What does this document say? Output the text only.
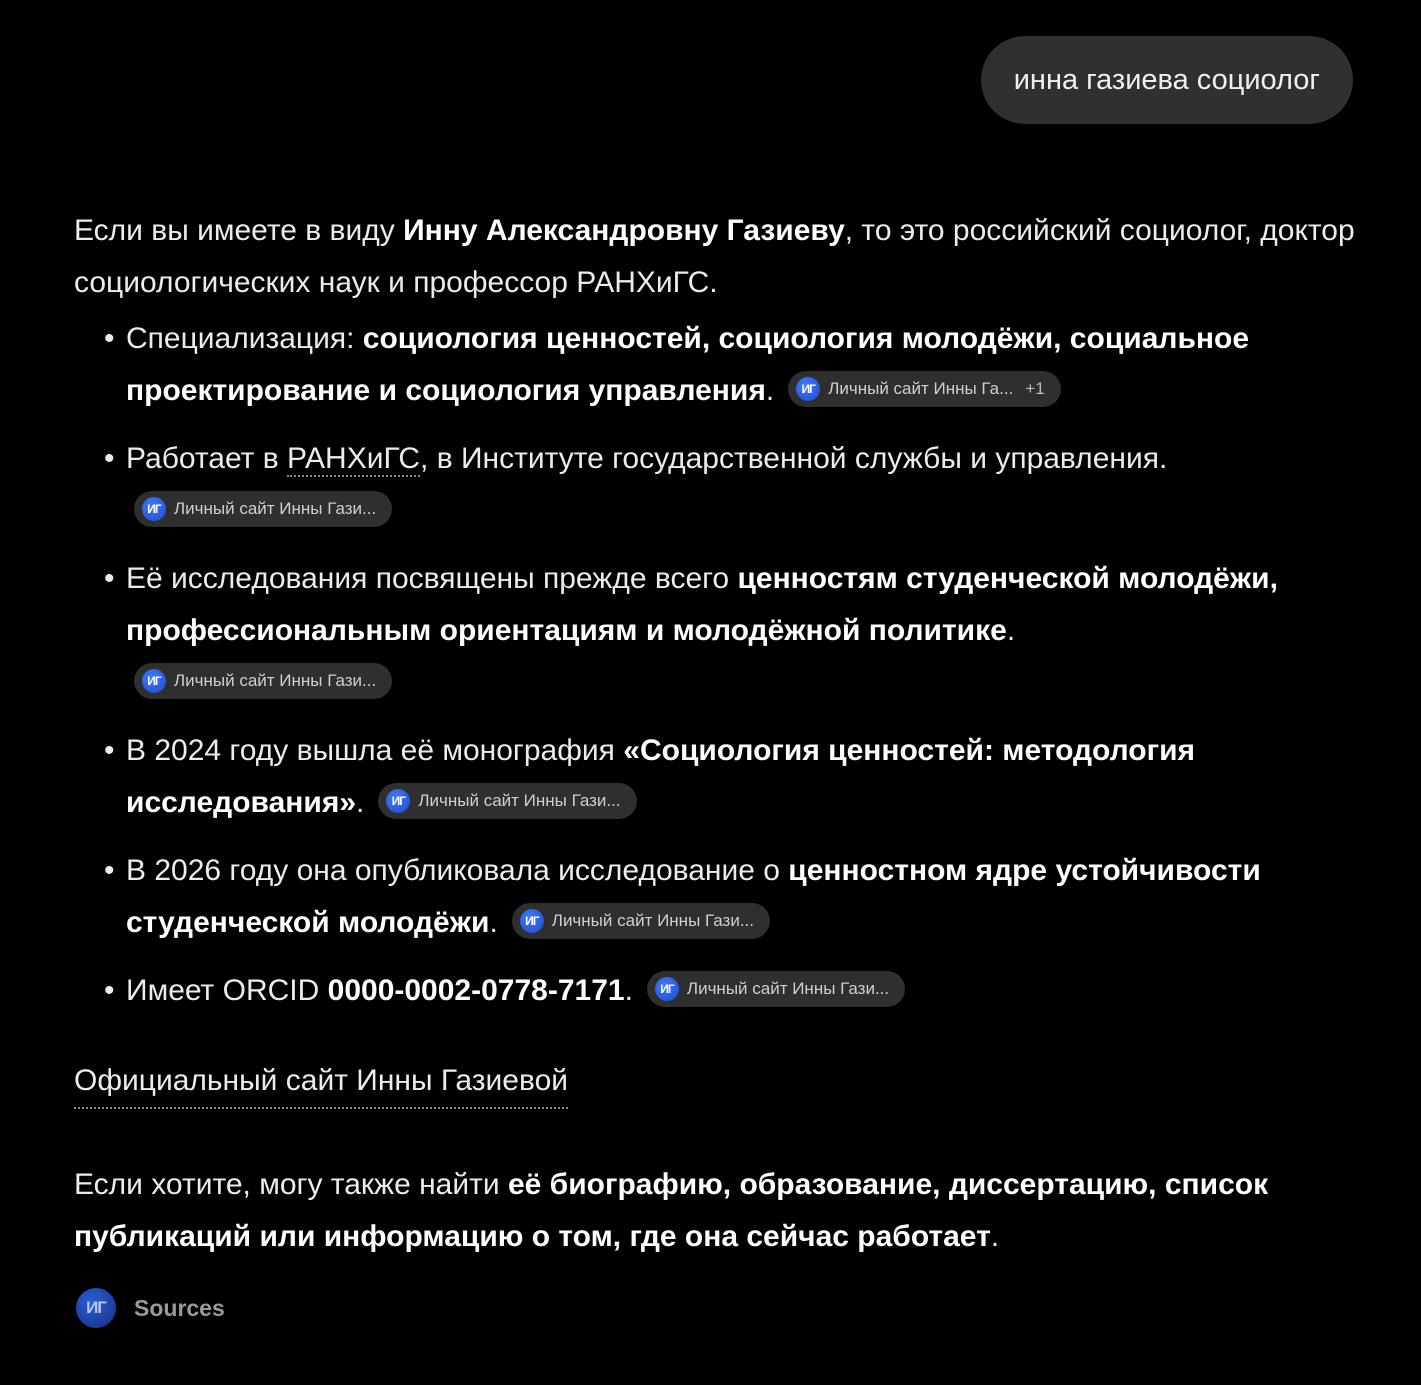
инна газиева социолог

Если вы имеете в виду Инну Александровну Газиеву, то это российский социолог, доктор социологических наук и профессор РАНХиГС.

• Специализация: социология ценностей, социология молодёжи, социальное проектирование и социология управления.	ИГ Личный сайт Инны Га... +1
• Работает в РАНХиГС, в Институте государственной службы и управления.

ИГ Личный сайт Инны Гази...
• Её исследования посвящены прежде всего ценностям студенческой молодёжи, профессиональным ориентациям и молодёжной политике.

ИГ Личный сайт Инны Гази...
• В 2024 году вышла её монография «Социология ценностей: методология исследования».	ИГ Личный сайт Инны Гази...
• В 2026 году она опубликовала исследование о ценностном ядре устойчивости студенческой молодёжи.	ИГ Личный сайт Инны Гази...
• Имеет ORCID 0000-0002-0778-7171.	ИГ Личный сайт Инны Гази...
Официальный сайт Инны Газиевой

Если хотите, могу также найти её биографию, образование, диссертацию, список публикаций или информацию о том, где она сейчас работает.

ИГ	Sources
